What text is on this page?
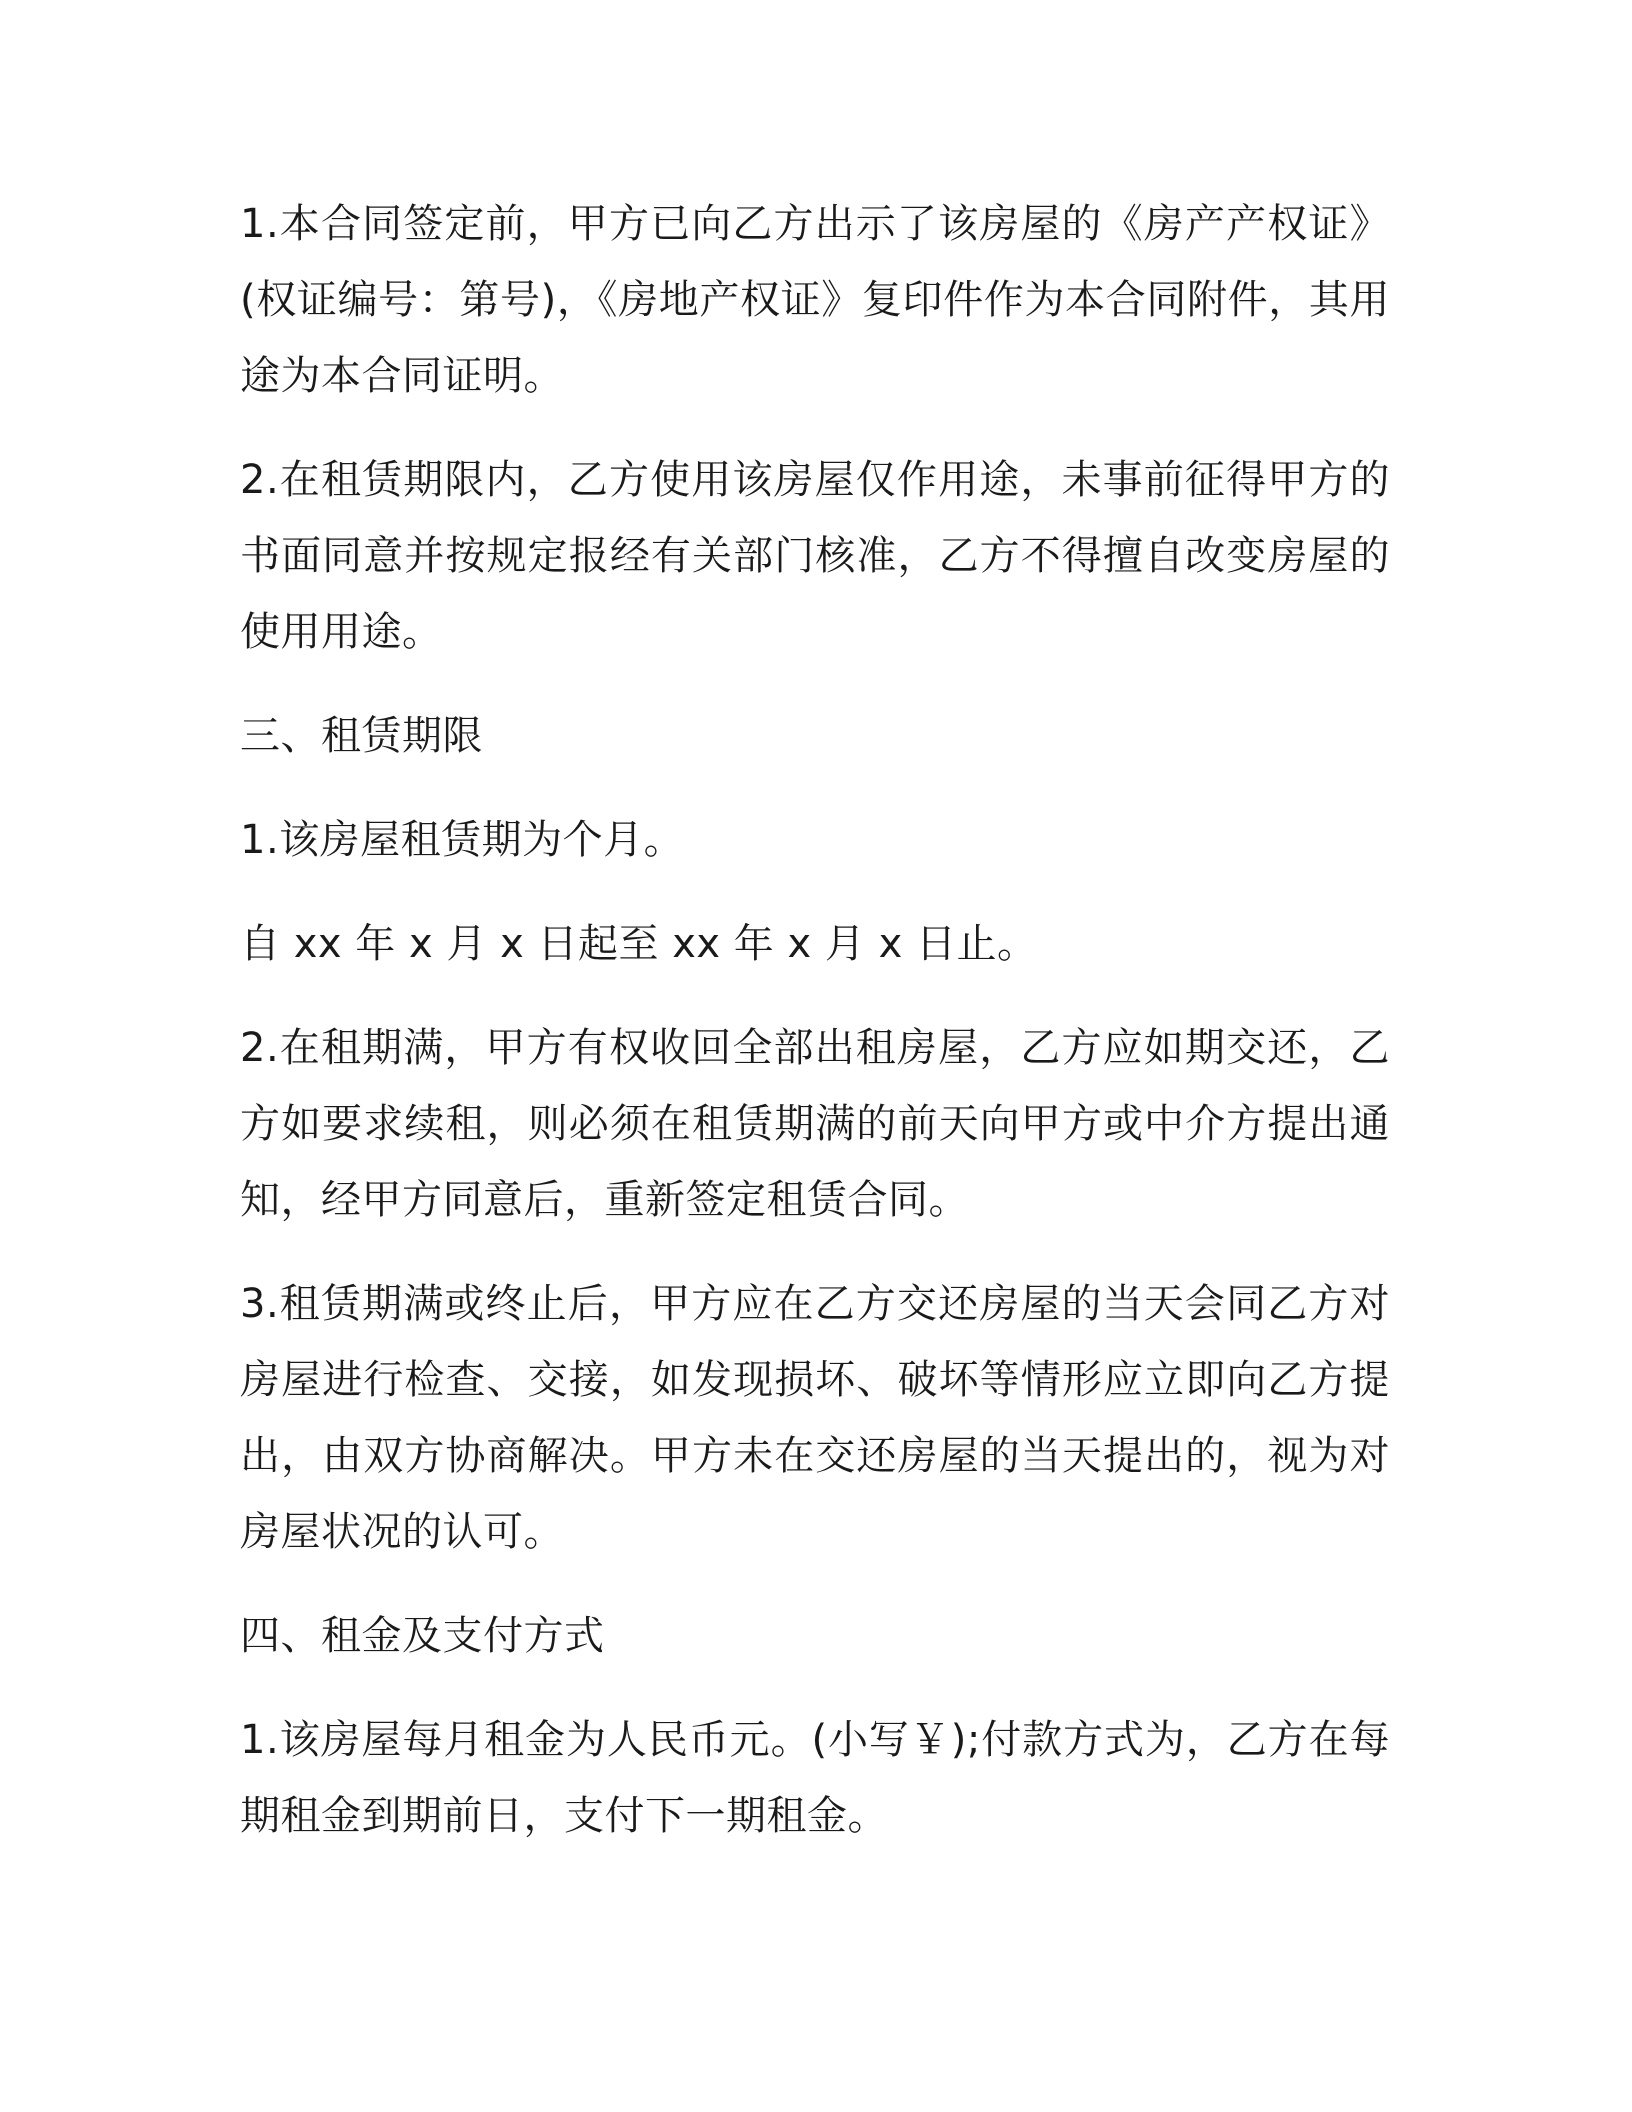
1.本合同签定前，甲方已向乙方出示了该房屋的《房产产权证》(权证编号：第号)，《房地产权证》复印件作为本合同附件，其用途为本合同证明。

2.在租赁期限内，乙方使用该房屋仅作用途，未事前征得甲方的书面同意并按规定报经有关部门核准，乙方不得擅自改变房屋的使用用途。

三、租赁期限

1.该房屋租赁期为个月。

自 xx 年 x 月 x 日起至 xx 年 x 月 x 日止。

2.在租期满，甲方有权收回全部出租房屋，乙方应如期交还，乙方如要求续租，则必须在租赁期满的前天向甲方或中介方提出通知，经甲方同意后，重新签定租赁合同。

3.租赁期满或终止后，甲方应在乙方交还房屋的当天会同乙方对房屋进行检查、交接，如发现损坏、破坏等情形应立即向乙方提出，由双方协商解决。甲方未在交还房屋的当天提出的，视为对房屋状况的认可。

四、租金及支付方式

1.该房屋每月租金为人民币元。(小写￥);付款方式为，乙方在每期租金到期前日，支付下一期租金。
